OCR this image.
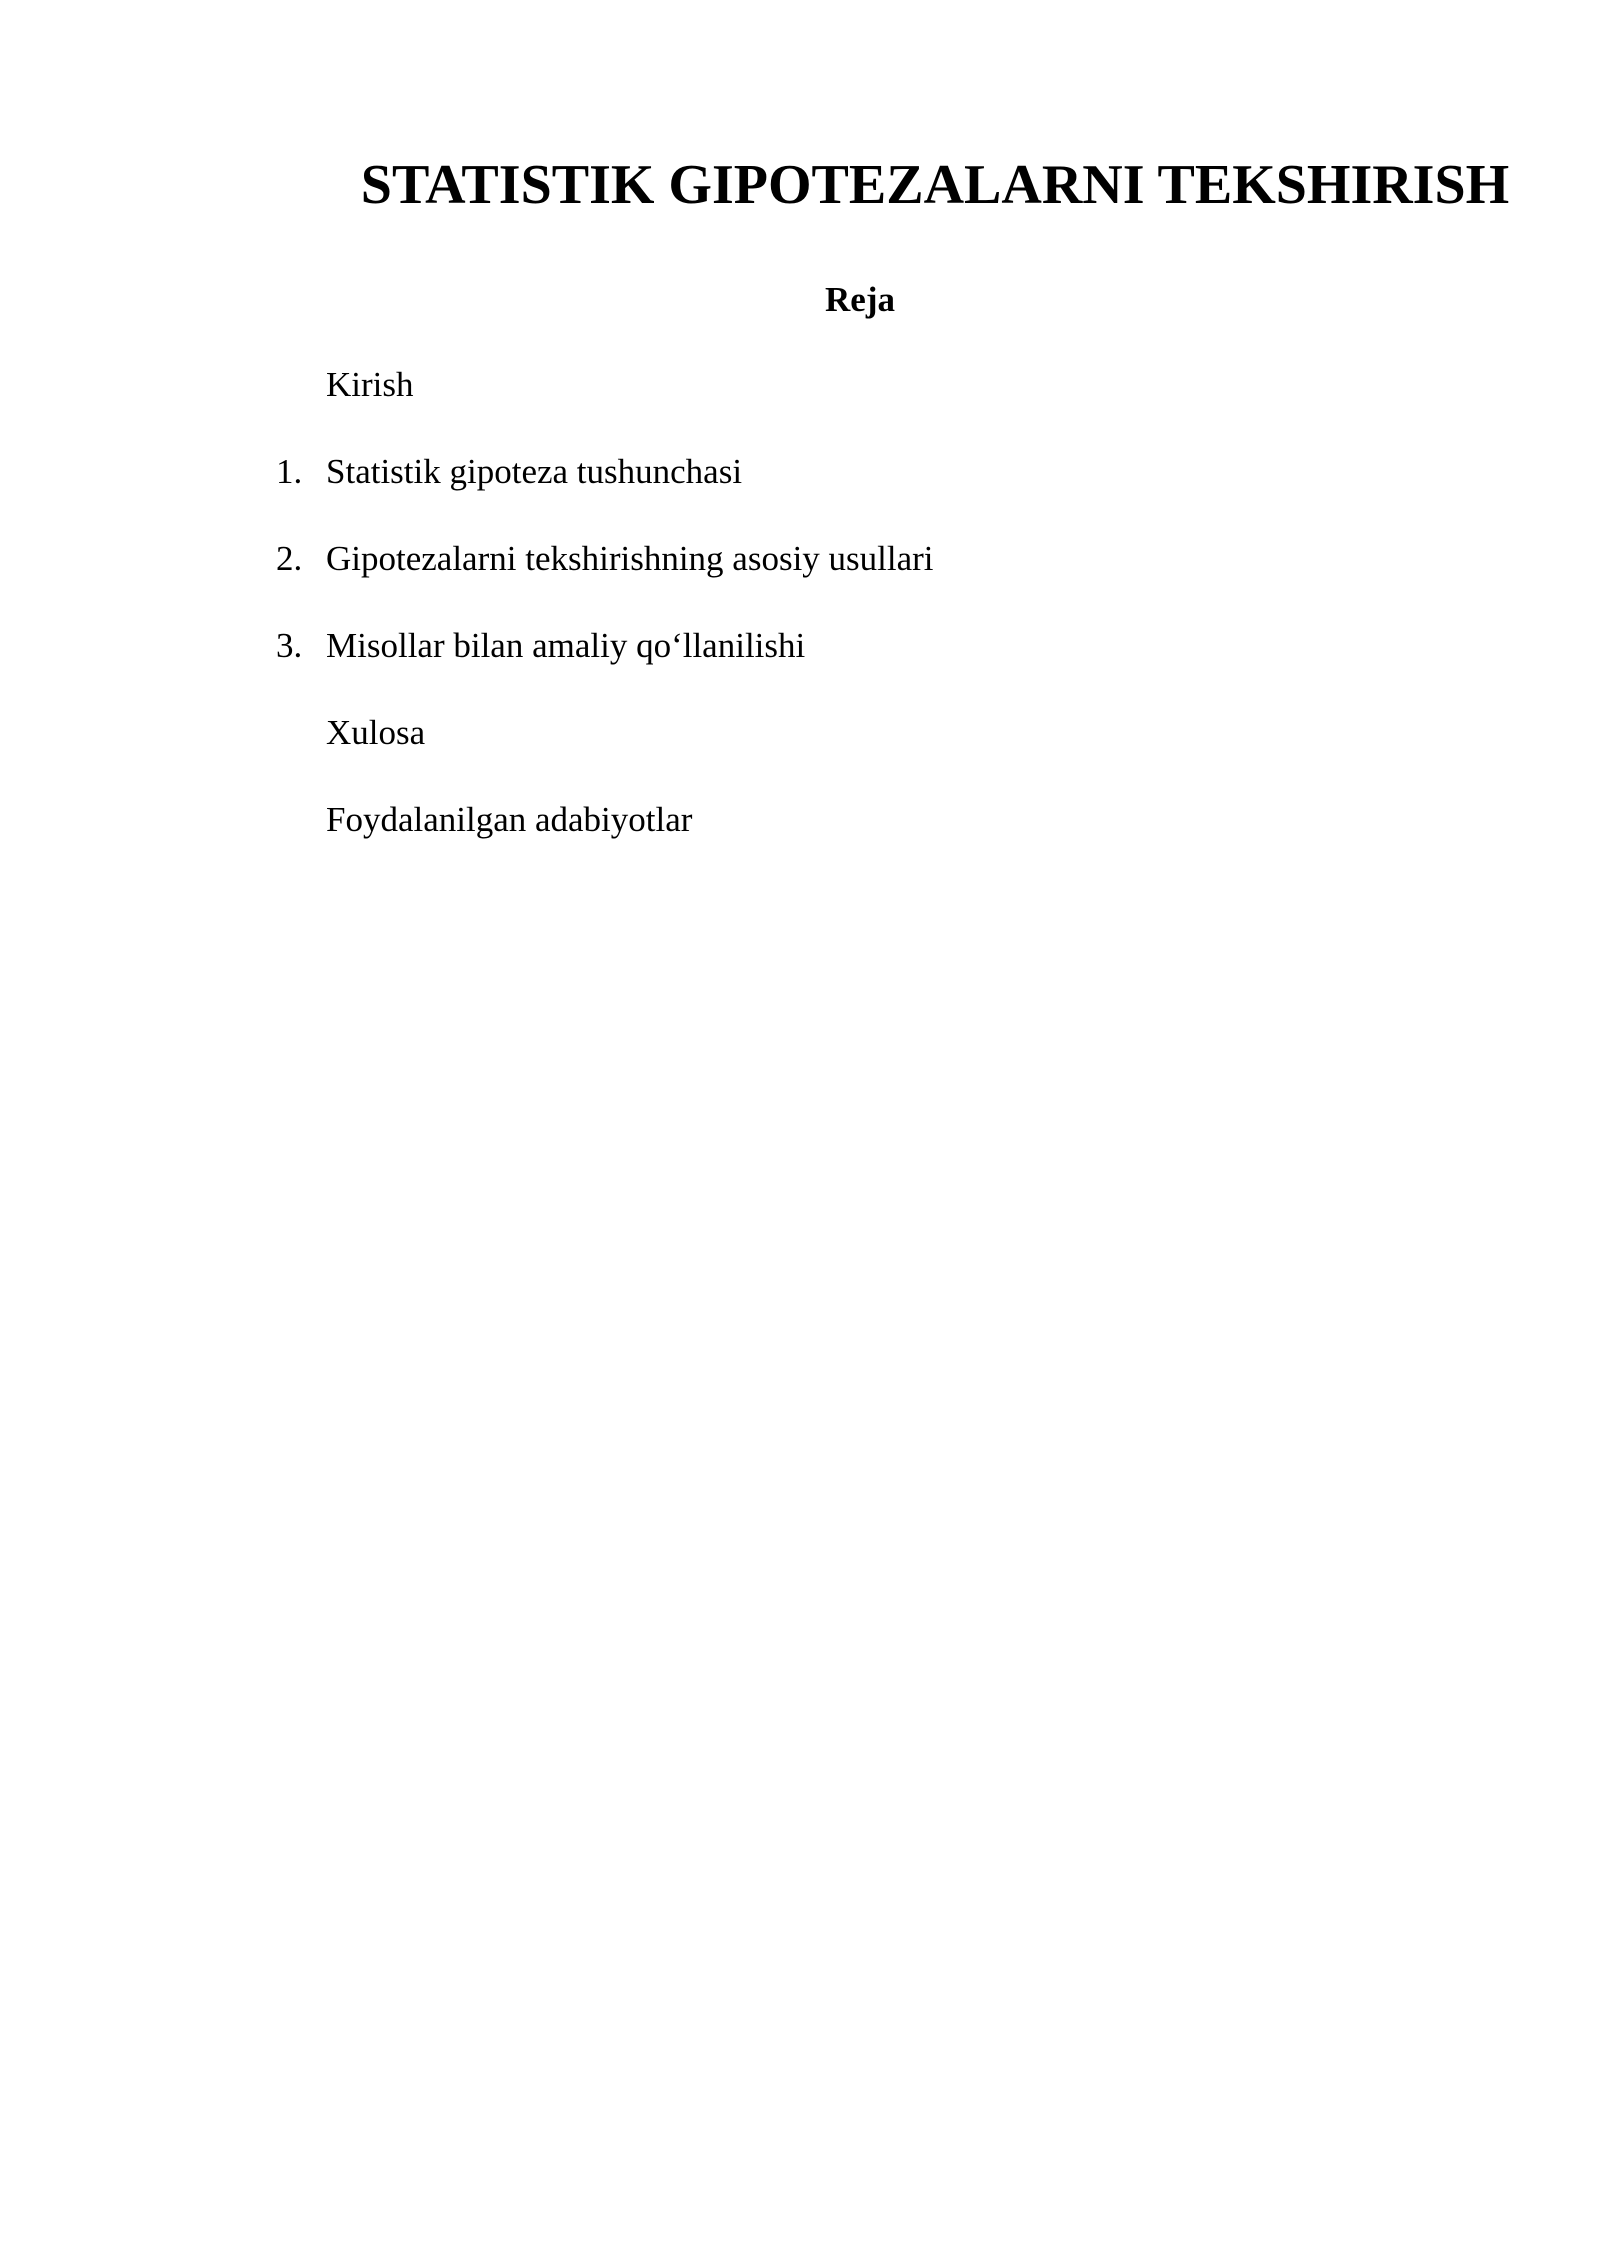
STATISTIK GIPOTEZALARNI TEKSHIRISH
Reja
Kirish
1. Statistik gipoteza tushunchasi
2. Gipotezalarni tekshirishning asosiy usullari
3. Misollar bilan amaliy qo‘llanilishi
Xulosa
Foydalanilgan adabiyotlar
